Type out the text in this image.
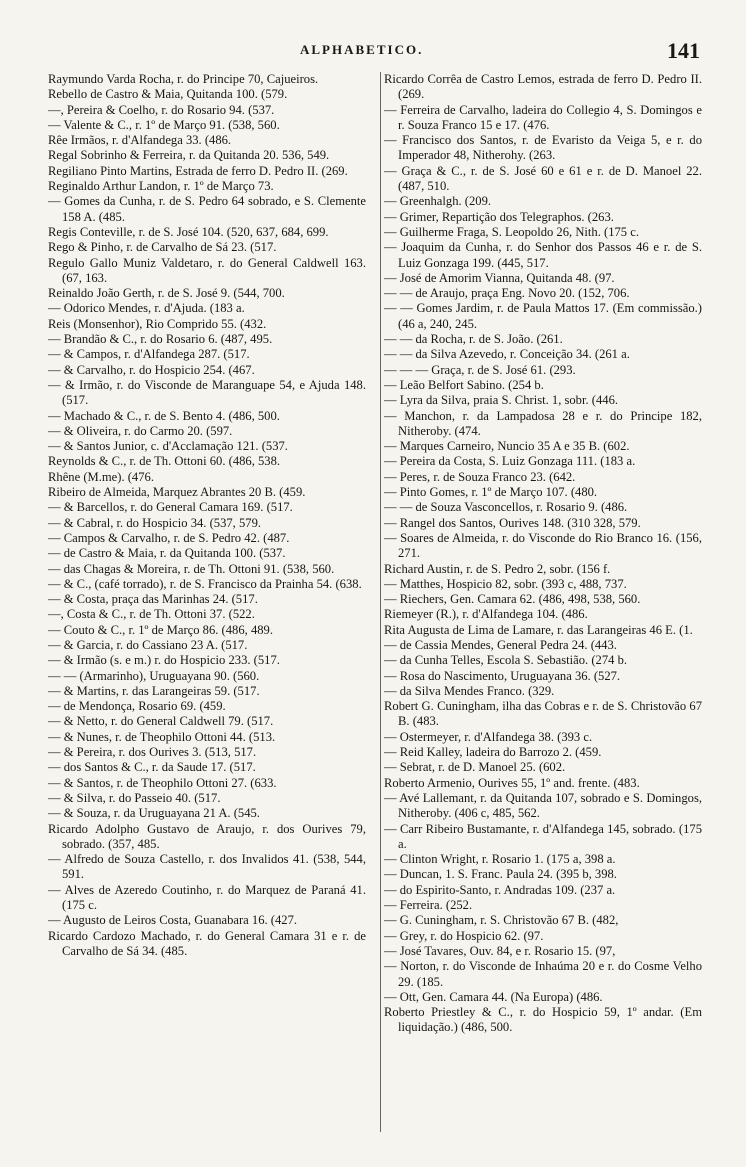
ALPHABETICO.	141
Raymundo Varda Rocha, r. do Principe 70, Cajueiros.
Rebello de Castro & Maia, Quitanda 100. (579.
—, Pereira & Coelho, r. do Rosario 94. (537.
— Valente & C., r. 1º de Março 91. (538, 560.
Rêe Irmãos, r. d'Alfandega 33. (486.
Regal Sobrinho & Ferreira, r. da Quitanda 20. 536, 549.
Regiliano Pinto Martins, Estrada de ferro D. Pedro II. (269.
Reginaldo Arthur Landon, r. 1º de Março 73.
— Gomes da Cunha, r. de S. Pedro 64 sobrado, e S. Clemente 158 A. (485.
Regis Conteville, r. de S. José 104. (520, 637, 684, 699.
Rego & Pinho, r. de Carvalho de Sá 23. (517.
Regulo Gallo Muniz Valdetaro, r. do General Caldwell 163. (67, 163.
Reinaldo João Gerth, r. de S. José 9. (544, 700.
— Odorico Mendes, r. d'Ajuda. (183 a.
Reis (Monsenhor), Rio Comprido 55. (432.
— Brandão & C., r. do Rosario 6. (487, 495.
— & Campos, r. d'Alfandega 287. (517.
— & Carvalho, r. do Hospicio 254. (467.
— & Irmão, r. do Visconde de Maranguape 54, e Ajuda 148. (517.
— Machado & C., r. de S. Bento 4. (486, 500.
— & Oliveira, r. do Carmo 20. (597.
— & Santos Junior, c. d'Acclamação 121. (537.
Reynolds & C., r. de Th. Ottoni 60. (486, 538.
Rhêne (M.me). (476.
Ribeiro de Almeida, Marquez Abrantes 20 B. (459.
— & Barcellos, r. do General Camara 169. (517.
— & Cabral, r. do Hospicio 34. (537, 579.
— Campos & Carvalho, r. de S. Pedro 42. (487.
— de Castro & Maia, r. da Quitanda 100. (537.
— das Chagas & Moreira, r. de Th. Ottoni 91. (538, 560.
— & C., (café torrado), r. de S. Francisco da Prainha 54. (638.
— & Costa, praça das Marinhas 24. (517.
—, Costa & C., r. de Th. Ottoni 37. (522.
— Couto & C., r. 1º de Março 86. (486, 489.
— & Garcia, r. do Cassiano 23 A. (517.
— & Irmão (s. e m.) r. do Hospicio 233. (517.
— — (Armarinho), Uruguayana 90. (560.
— & Martins, r. das Larangeiras 59. (517.
— de Mendonça, Rosario 69. (459.
— & Netto, r. do General Caldwell 79. (517.
— & Nunes, r. de Theophilo Ottoni 44. (513.
— & Pereira, r. dos Ourives 3. (513, 517.
— dos Santos & C., r. da Saude 17. (517.
— & Santos, r. de Theophilo Ottoni 27. (633.
— & Silva, r. do Passeio 40. (517.
— & Souza, r. da Uruguayana 21 A. (545.
Ricardo Adolpho Gustavo de Araujo, r. dos Ourives 79, sobrado. (357, 485.
— Alfredo de Souza Castello, r. dos Invalidos 41. (538, 544, 591.
— Alves de Azeredo Coutinho, r. do Marquez de Paraná 41. (175 c.
— Augusto de Leiros Costa, Guanabara 16. (427.
Ricardo Cardozo Machado, r. do General Camara 31 e r. de Carvalho de Sá 34. (485.
Ricardo Corrêa de Castro Lemos, estrada de ferro D. Pedro II. (269.
— Ferreira de Carvalho, ladeira do Collegio 4, S. Domingos e r. Souza Franco 15 e 17. (476.
— Francisco dos Santos, r. de Evaristo da Veiga 5, e r. do Imperador 48, Nitherohy. (263.
— Graça & C., r. de S. José 60 e 61 e r. de D. Manoel 22. (487, 510.
— Greenhalgh. (209.
— Grimer, Repartição dos Telegraphos. (263.
— Guilherme Fraga, S. Leopoldo 26, Nith. (175 c.
— Joaquim da Cunha, r. do Senhor dos Passos 46 e r. de S. Luiz Gonzaga 199. (445, 517.
— José de Amorim Vianna, Quitanda 48. (97.
— — de Araujo, praça Eng. Novo 20. (152, 706.
— — Gomes Jardim, r. de Paula Mattos 17. (Em commissão.) (46 a, 240, 245.
— — da Rocha, r. de S. João. (261.
— — da Silva Azevedo, r. Conceição 34. (261 a.
— — — Graça, r. de S. José 61. (293.
— Leão Belfort Sabino. (254 b.
— Lyra da Silva, praia S. Christ. 1, sobr. (446.
— Manchon, r. da Lampadosa 28 e r. do Principe 182, Nitheroby. (474.
— Marques Carneiro, Nuncio 35 A e 35 B. (602.
— Pereira da Costa, S. Luiz Gonzaga 111. (183 a.
— Peres, r. de Souza Franco 23. (642.
— Pinto Gomes, r. 1º de Março 107. (480.
— — de Souza Vasconcellos, r. Rosario 9. (486.
— Rangel dos Santos, Ourives 148. (310 328, 579.
— Soares de Almeida, r. do Visconde do Rio Branco 16. (156, 271.
Richard Austin, r. de S. Pedro 2, sobr. (156 f.
— Matthes, Hospicio 82, sobr. (393 c, 488, 737.
— Riechers, Gen. Camara 62. (486, 498, 538, 560.
Riemeyer (R.), r. d'Alfandega 104. (486.
Rita Augusta de Lima de Lamare, r. das Larangeiras 46 E. (1.
— de Cassia Mendes, General Pedra 24. (443.
— da Cunha Telles, Escola S. Sebastião. (274 b.
— Rosa do Nascimento, Uruguayana 36. (527.
— da Silva Mendes Franco. (329.
Robert G. Cuningham, ilha das Cobras e r. de S. Christovão 67 B. (483.
— Ostermeyer, r. d'Alfandega 38. (393 c.
— Reid Kalley, ladeira do Barrozo 2. (459.
— Sebrat, r. de D. Manoel 25. (602.
Roberto Armenio, Ourives 55, 1º and. frente. (483.
— Avé Lallemant, r. da Quitanda 107, sobrado e S. Domingos, Nitheroby. (406 c, 485, 562.
— Carr Ribeiro Bustamante, r. d'Alfandega 145, sobrado. (175 a.
— Clinton Wright, r. Rosario 1. (175 a, 398 a.
— Duncan, 1. S. Franc. Paula 24. (395 b, 398.
— do Espirito-Santo, r. Andradas 109. (237 a.
— Ferreira. (252.
— G. Cuningham, r. S. Christovão 67 B. (482,
— Grey, r. do Hospicio 62. (97.
— José Tavares, Ouv. 84, e r. Rosario 15. (97,
— Norton, r. do Visconde de Inhaúma 20 e r. do Cosme Velho 29. (185.
— Ott, Gen. Camara 44. (Na Europa) (486.
Roberto Priestley & C., r. do Hospicio 59, 1º andar. (Em liquidação.) (486, 500.
